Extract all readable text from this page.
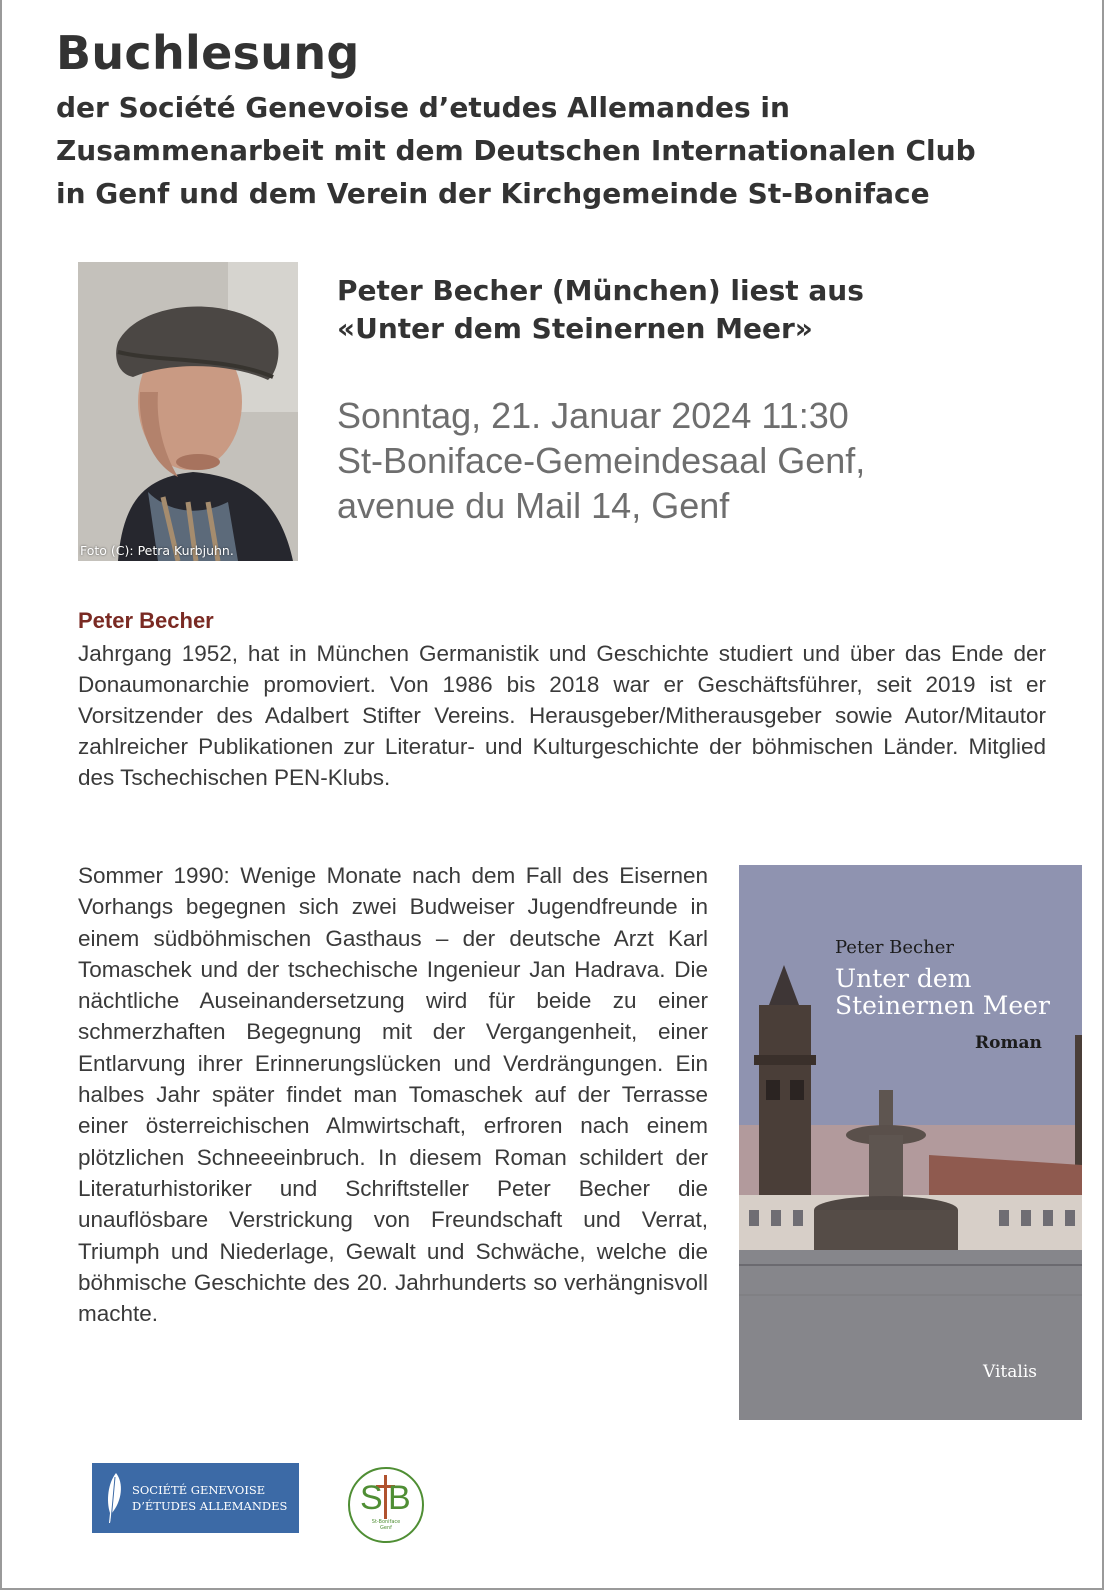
Buchlesung
der Société Genevoise d’etudes Allemandes in
Zusammenarbeit mit dem Deutschen Internationalen Club
in Genf und dem Verein der Kirchgemeinde St-Boniface
Foto (C): Petra Kurbjuhn.
Peter Becher (München) liest aus
«Unter dem Steinernen Meer»
Sonntag, 21. Januar 2024 11:30
St-Boniface-Gemeindesaal Genf,
avenue du Mail 14, Genf
Peter Becher

Jahrgang 1952, hat in München Germanistik und Geschichte studiert und über das Ende der Donaumonarchie promoviert. Von 1986 bis 2018 war er Geschäftsführer, seit 2019 ist er Vorsitzender des Adalbert Stifter Vereins. Herausgeber/Mitherausgeber sowie Autor/Mitautor zahlreicher Publikationen zur Literatur- und Kulturgeschichte der böhmischen Länder. Mitglied des Tschechischen PEN-Klubs.

Sommer 1990: Wenige Monate nach dem Fall des Eisernen Vorhangs begegnen sich zwei Budweiser Jugendfreunde in einem südböhmischen Gasthaus – der deutsche Arzt Karl Tomaschek und der tschechische Ingenieur Jan Hadrava. Die nächtliche Auseinandersetzung wird für beide zu einer schmerzhaften Begegnung mit der Vergangenheit, einer Entlarvung ihrer Erinnerungslücken und Verdrängungen. Ein halbes Jahr später findet man Tomaschek auf der Terrasse einer österreichischen Almwirtschaft, erfroren nach einem plötzlichen Schneeeinbruch. In diesem Roman schildert der Literaturhistoriker und Schriftsteller Peter Becher die unauflösbare Verstrickung von Freundschaft und Verrat, Triumph und Niederlage, Gewalt und Schwäche, welche die böhmische Geschichte des 20. Jahrhunderts so verhängnisvoll machte.

Peter Becher
Unter dem
Steinernen Meer
Roman
Vitalis
SOCIÉTÉ GENEVOISE
D’ÉTUDES ALLEMANDES S B
St-Boniface
Genf
